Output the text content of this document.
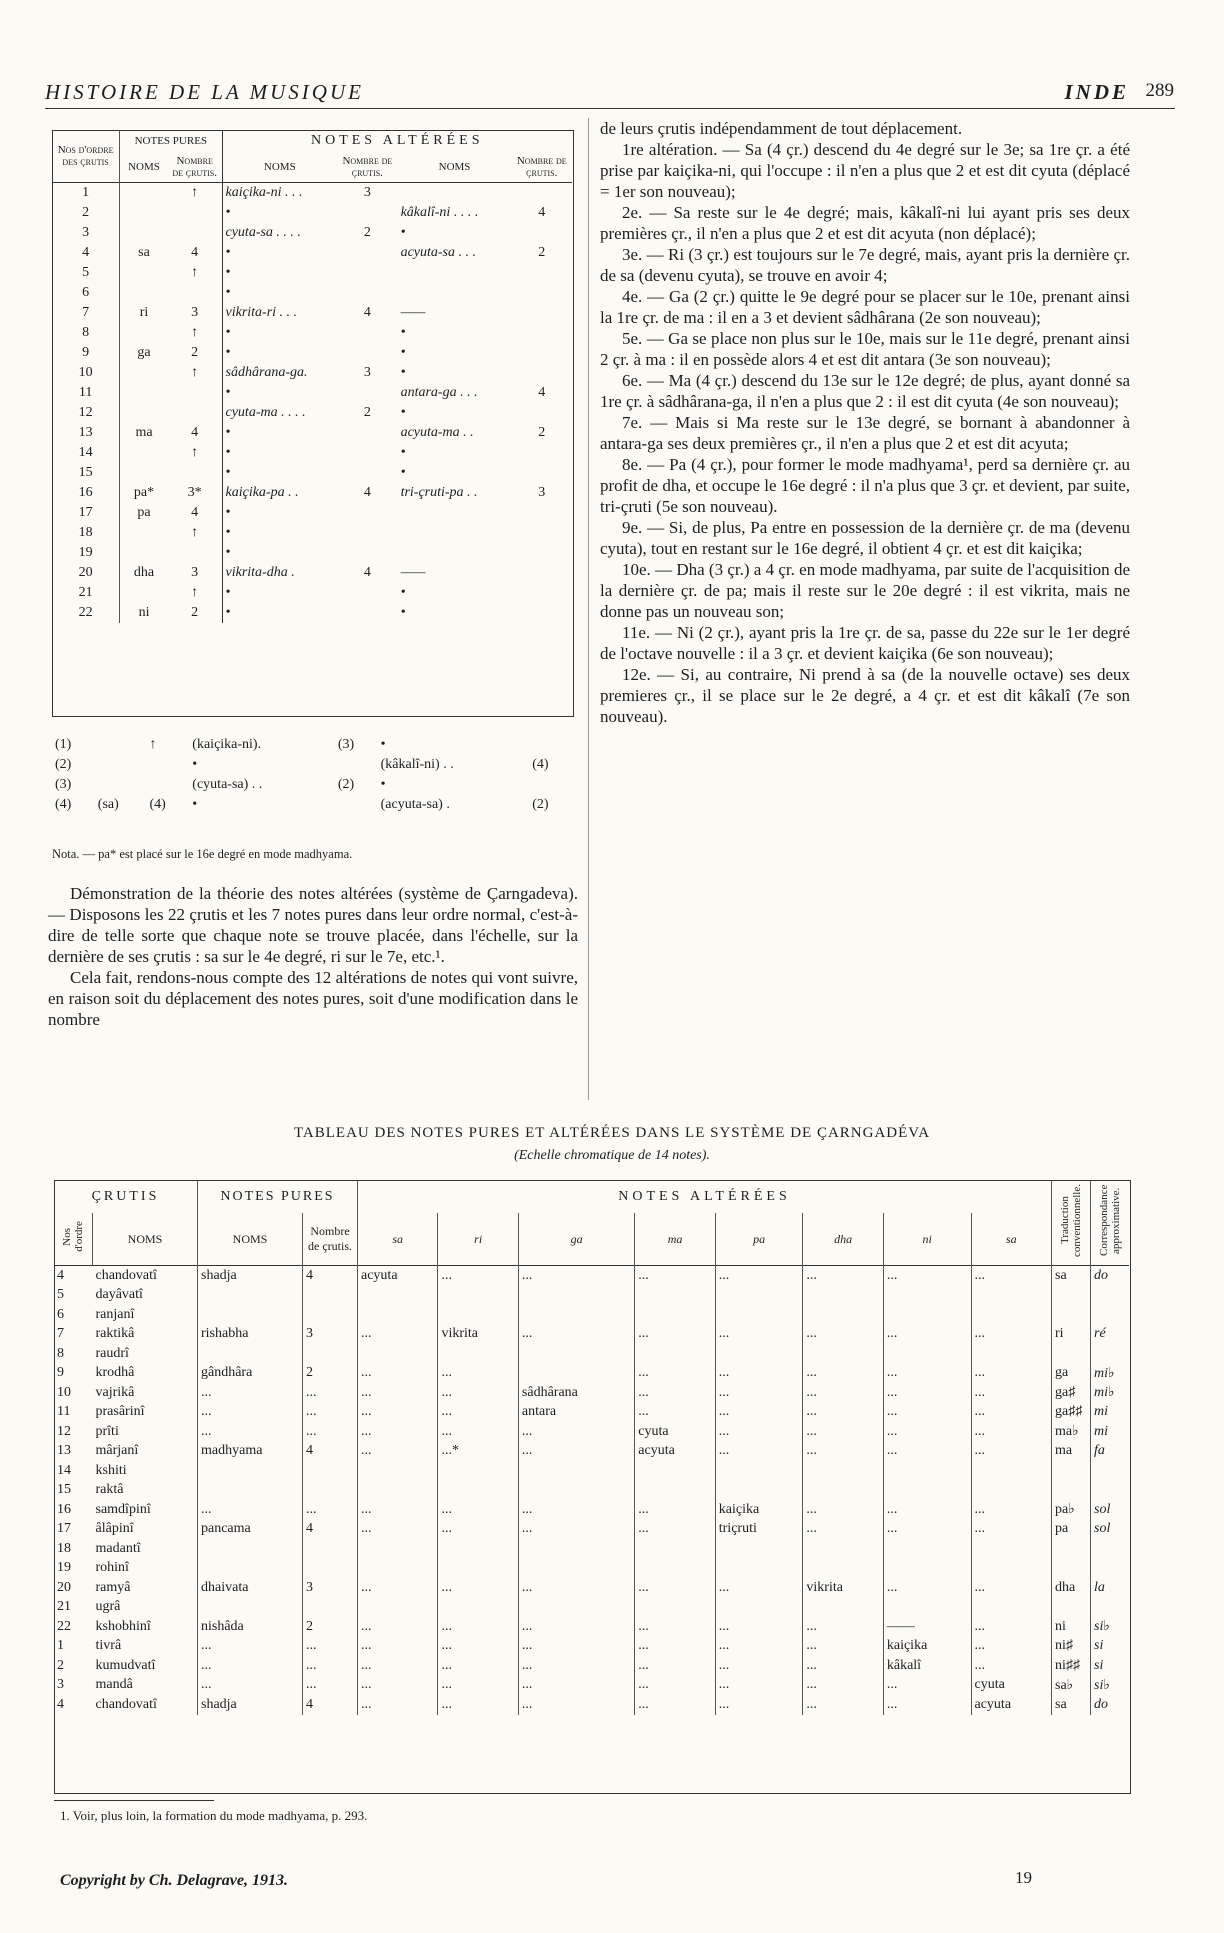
HISTOIRE DE LA MUSIQUE	INDE 289
Nos d'ordre des çrutis	NOTES PURES		NOTES ALTÉRÉES			
	NOMS	Nombre de çrutis.	NOMS	Nombre de çrutis.	NOMS	Nombre de çrutis.
1		↑	kaiçika-ni . . .	3		
2			•		kâkalî-ni . . . .	4
3			cyuta-sa . . . .	2	•	
4	sa	4	•		acyuta-sa . . .	2
5		↑	•			
6			•			
7	ri	3	vikrita-ri . . .	4	——	
8		↑	•		•	
9	ga	2	•		•	
10		↑	sâdhârana-ga.	3	•	
11			•		antara-ga . . .	4
12			cyuta-ma . . . .	2	•	
13	ma	4	•		acyuta-ma . .	2
14		↑	•		•	
15			•		•	
16	pa*	3*	kaiçika-pa . .	4	tri-çruti-pa . .	3
17	pa	4	•			
18		↑	•			
19			•			
20	dha	3	vikrita-dha .	4	——	
21		↑	•		•	
22	ni	2	•		•	
(1)		↑	(kaiçika-ni).	(3)	•	
(2)			•		(kâkalî-ni) . .	(4)
(3)			(cyuta-sa) . .	(2)	•	
(4)	(sa)	(4)	•		(acyuta-sa) .	(2)
Nota. — pa* est placé sur le 16e degré en mode madhyama.

Démonstration de la théorie des notes altérées (système de Çarngadeva). — Disposons les 22 çrutis et les 7 notes pures dans leur ordre normal, c'est-à-dire de telle sorte que chaque note se trouve placée, dans l'échelle, sur la dernière de ses çrutis : sa sur le 4e degré, ri sur le 7e, etc.¹.

Cela fait, rendons-nous compte des 12 altérations de notes qui vont suivre, en raison soit du déplacement des notes pures, soit d'une modification dans le nombre

de leurs çrutis indépendamment de tout déplacement.

1re altération. — Sa (4 çr.) descend du 4e degré sur le 3e; sa 1re çr. a été prise par kaiçika-ni, qui l'occupe : il n'en a plus que 2 et est dit cyuta (déplacé = 1er son nouveau);

2e. — Sa reste sur le 4e degré; mais, kâkalî-ni lui ayant pris ses deux premières çr., il n'en a plus que 2 et est dit acyuta (non déplacé);

3e. — Ri (3 çr.) est toujours sur le 7e degré, mais, ayant pris la dernière çr. de sa (devenu cyuta), se trouve en avoir 4;

4e. — Ga (2 çr.) quitte le 9e degré pour se placer sur le 10e, prenant ainsi la 1re çr. de ma : il en a 3 et devient sâdhârana (2e son nouveau);

5e. — Ga se place non plus sur le 10e, mais sur le 11e degré, prenant ainsi 2 çr. à ma : il en possède alors 4 et est dit antara (3e son nouveau);

6e. — Ma (4 çr.) descend du 13e sur le 12e degré; de plus, ayant donné sa 1re çr. à sâdhârana-ga, il n'en a plus que 2 : il est dit cyuta (4e son nouveau);

7e. — Mais si Ma reste sur le 13e degré, se bornant à abandonner à antara-ga ses deux premières çr., il n'en a plus que 2 et est dit acyuta;

8e. — Pa (4 çr.), pour former le mode madhyama¹, perd sa dernière çr. au profit de dha, et occupe le 16e degré : il n'a plus que 3 çr. et devient, par suite, tri-çruti (5e son nouveau).

9e. — Si, de plus, Pa entre en possession de la dernière çr. de ma (devenu cyuta), tout en restant sur le 16e degré, il obtient 4 çr. et est dit kaiçika;

10e. — Dha (3 çr.) a 4 çr. en mode madhyama, par suite de l'acquisition de la dernière çr. de pa; mais il reste sur le 20e degré : il est vikrita, mais ne donne pas un nouveau son;

11e. — Ni (2 çr.), ayant pris la 1re çr. de sa, passe du 22e sur le 1er degré de l'octave nouvelle : il a 3 çr. et devient kaiçika (6e son nouveau);

12e. — Si, au contraire, Ni prend à sa (de la nouvelle octave) ses deux premieres çr., il se place sur le 2e degré, a 4 çr. et est dit kâkalî (7e son nouveau).

TABLEAU DES NOTES PURES ET ALTÉRÉES DANS LE SYSTÈME DE ÇARNGADÉVA
(Echelle chromatique de 14 notes).
ÇRUTIS		NOTES PURES		NOTES ALTÉRÉES								Traduction conventionnelle.	Correspondance approximative.
Nos d'ordre	NOMS	NOMS	Nombre de çrutis.	sa	ri	ga	ma	pa	dha	ni	sa		
4	chandovatî	shadja	4	acyuta	...	...	...	...	...	...	...	sa	do
5	dayâvatî												
6	ranjanî												
7	raktikâ	rishabha	3	...	vikrita	...	...	...	...	...	...	ri	ré
8	raudrî												
9	krodhâ	gândhâra	2	...	...		...	...	...	...	...	ga	mi♭
10	vajrikâ	...	...	...	...	sâdhârana	...	...	...	...	...	ga♯	mi♭
11	prasârinî	...	...	...	...	antara	...	...	...	...	...	ga♯♯	mi
12	prîti	...	...	...	...	...	cyuta	...	...	...	...	ma♭	mi
13	mârjanî	madhyama	4	...	...*	...	acyuta	...	...	...	...	ma	fa
14	kshiti												
15	raktâ												
16	samdîpinî	...	...	...	...	...	...	kaiçika	...	...	...	pa♭	sol
17	âlâpinî	pancama	4	...	...	...	...	triçruti	...	...	...	pa	sol
18	madantî												
19	rohinî												
20	ramyâ	dhaivata	3	...	...	...	...	...	vikrita	...	...	dha	la
21	ugrâ												
22	kshobhinî	nishâda	2	...	...	...	...	...	...	——	...	ni	si♭
1	tivrâ	...	...	...	...	...	...	...	...	kaiçika	...	ni♯	si
2	kumudvatî	...	...	...	...	...	...	...	...	kâkalî	...	ni♯♯	si
3	mandâ	...	...	...	...	...	...	...	...	...	cyuta	sa♭	si♭
4	chandovatî	shadja	4	...	...	...	...	...	...	...	acyuta	sa	do
1. Voir, plus loin, la formation du mode madhyama, p. 293.
Copyright by Ch. Delagrave, 1913.	19
